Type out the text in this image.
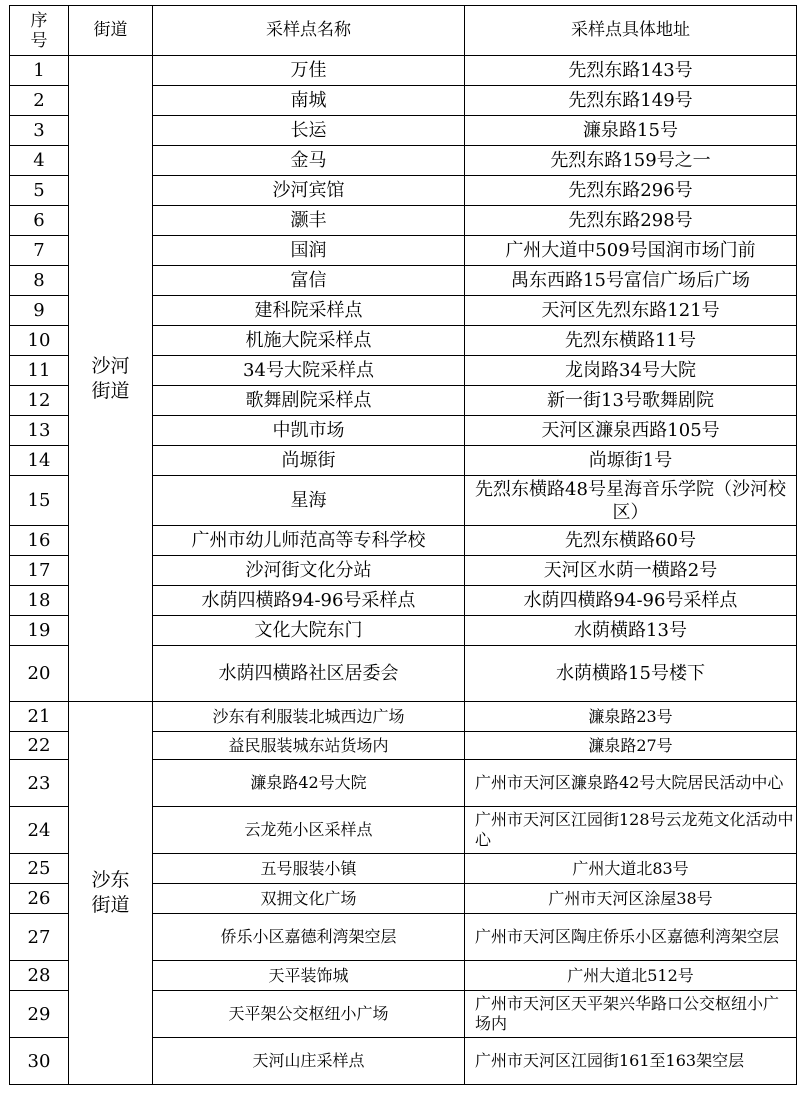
序号	街道	采样点名称	采样点具体地址
1	沙河街道	万佳	先烈东路143号
2		南城	先烈东路149号
3		长运	濂泉路15号
4		金马	先烈东路159号之一
5		沙河宾馆	先烈东路296号
6		灏丰	先烈东路298号
7		国润	广州大道中509号国润市场门前
8		富信	禺东西路15号富信广场后广场
9		建科院采样点	天河区先烈东路121号
10		机施大院采样点	先烈东横路11号
11		34号大院采样点	龙岗路34号大院
12		歌舞剧院采样点	新一街13号歌舞剧院
13		中凯市场	天河区濂泉西路105号
14		尚塬街	尚塬街1号
15		星海	先烈东横路48号星海音乐学院（沙河校区）
16		广州市幼儿师范高等专科学校	先烈东横路60号
17		沙河街文化分站	天河区水荫一横路2号
18		水荫四横路94-96号采样点	水荫四横路94-96号采样点
19		文化大院东门	水荫横路13号
20		水荫四横路社区居委会	水荫横路15号楼下
21	沙东街道	沙东有利服装北城西边广场	濂泉路23号
22		益民服装城东站货场内	濂泉路27号
23		濂泉路42号大院	广州市天河区濂泉路42号大院居民活动中心
24		云龙苑小区采样点	广州市天河区江园街128号云龙苑文化活动中心
25		五号服装小镇	广州大道北83号
26		双拥文化广场	广州市天河区涂屋38号
27		侨乐小区嘉德利湾架空层	广州市天河区陶庄侨乐小区嘉德利湾架空层
28		天平装饰城	广州大道北512号
29		天平架公交枢纽小广场	广州市天河区天平架兴华路口公交枢纽小广场内
30		天河山庄采样点	广州市天河区江园街161至163架空层
